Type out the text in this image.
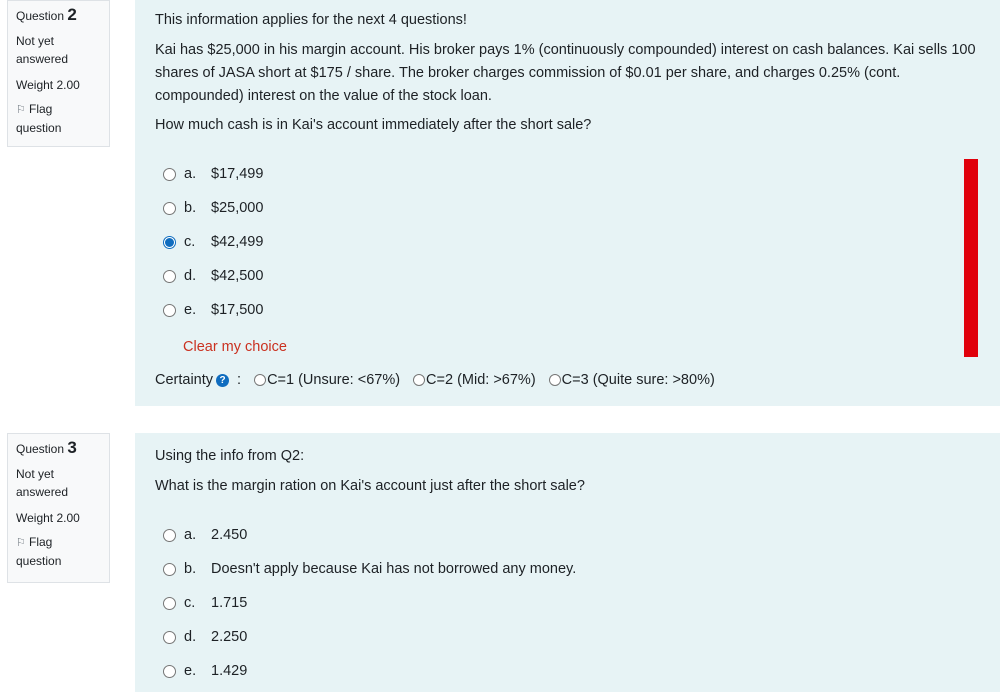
Question 2
Not yet
answered
Weight 2.00
⚐ Flag
question
This information applies for the next 4 questions!
Kai has $25,000 in his margin account. His broker pays 1% (continuously compounded) interest on cash balances. Kai sells 100 shares of JASA short at $175 / share. The broker charges commission of $0.01 per share, and charges 0.25% (cont. compounded) interest on the value of the stock loan.
How much cash is in Kai's account immediately after the short sale?
a.	$17,499
b.	$25,000
c.	$42,499
d.	$42,500
e.	$17,500
Clear my choice
Certainty ? : C=1 (Unsure: <67%) C=2 (Mid: >67%) C=3 (Quite sure: >80%)
Question 3
Not yet
answered
Weight 2.00
⚐ Flag
question
Using the info from Q2:
What is the margin ration on Kai's account just after the short sale?
a.	2.450
b.	Doesn't apply because Kai has not borrowed any money.
c.	1.715
d.	2.250
e.	1.429
